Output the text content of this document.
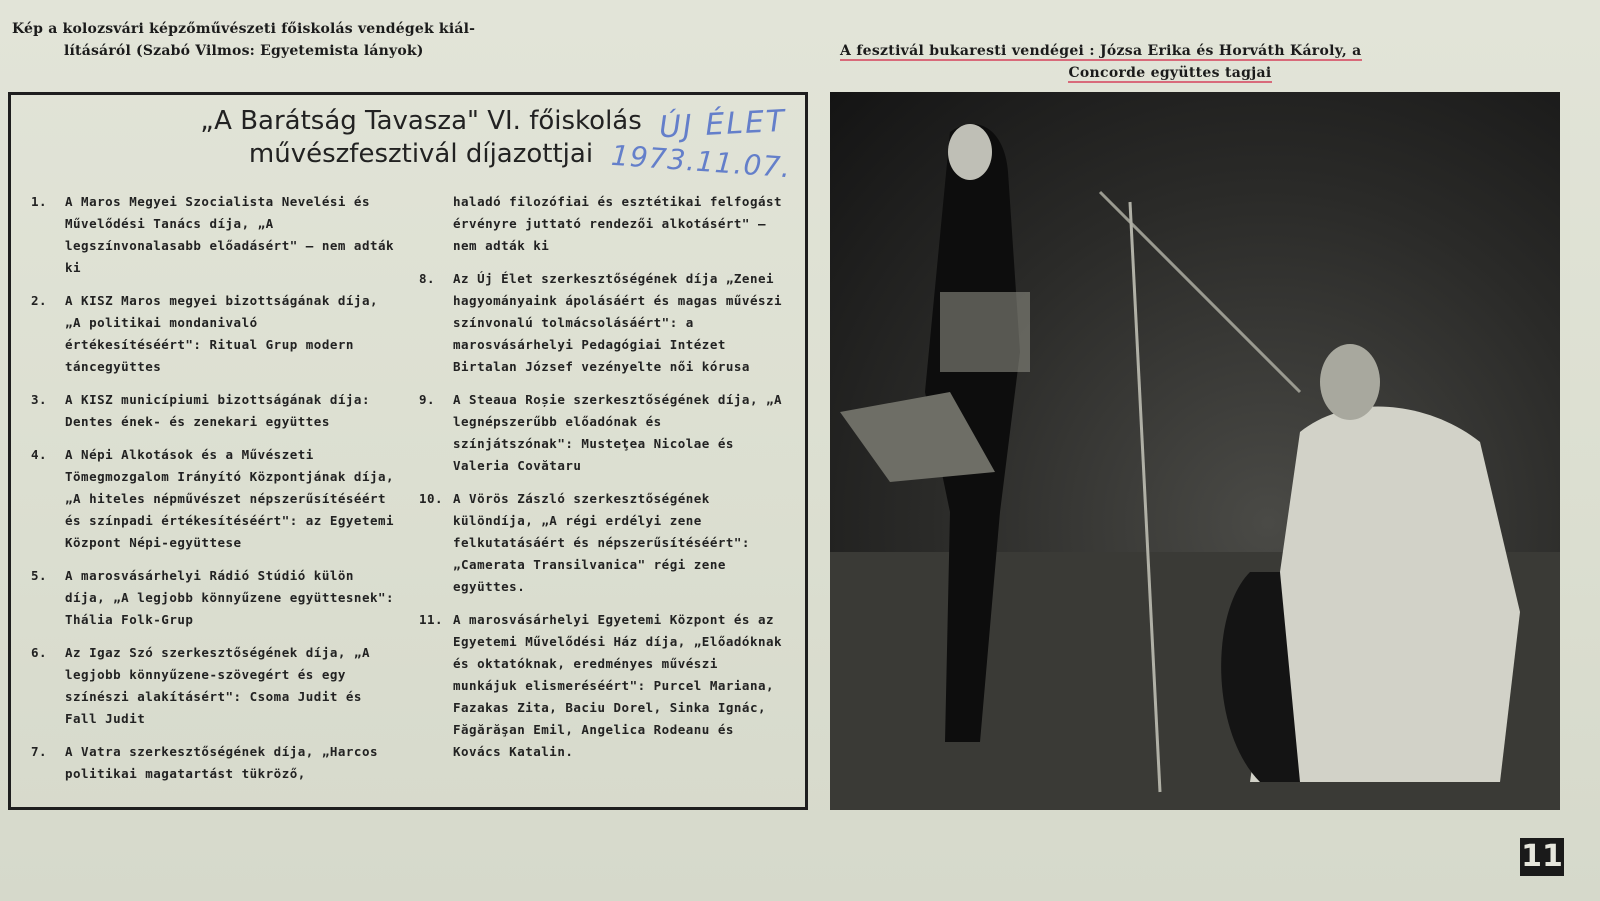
Kép a kolozsvári képzőművészeti főiskolás vendégek kiál-
lításáról (Szabó Vilmos: Egyetemista lányok)	A fesztivál bukaresti vendégei : Józsa Erika és Horváth Károly, a
Concorde együttes tagjai
„A Barátság Tavasza" VI. főiskolás
művészfesztivál díjazottjai
ÚJ ÉLET
1973.11.07.
1. A Maros Megyei Szocialista Nevelési és Művelődési Tanács díja, „A legszínvonalasabb előadásért" — nem adták ki
2. A KISZ Maros megyei bizottságának díja, „A politikai mondanivaló értékesítéséért": Ritual Grup modern táncegyüttes
3. A KISZ municípiumi bizottságának díja: Dentes ének- és zenekari együttes
4. A Népi Alkotások és a Művészeti Tömegmozgalom Irányító Központjának díja, „A hiteles népművészet népszerűsítéséért és színpadi értékesítéséért": az Egyetemi Központ Népi-együttese
5. A marosvásárhelyi Rádió Stúdió külön díja, „A legjobb könnyűzene együttesnek": Thália Folk-Grup
6. Az Igaz Szó szerkesztőségének díja, „A legjobb könnyűzene-szövegért és egy színészi alakításért": Csoma Judit és Fall Judit
7. A Vatra szerkesztőségének díja, „Harcos politikai magatartást tükröző,
haladó filozófiai és esztétikai felfogást érvényre juttató rendezői alkotásért" — nem adták ki
8. Az Új Élet szerkesztőségének díja „Zenei hagyományaink ápolásáért és magas művészi színvonalú tolmácsolásáért": a marosvásárhelyi Pedagógiai Intézet Birtalan József vezényelte női kórusa
9. A Steaua Roșie szerkesztőségének díja, „A legnépszerűbb előadónak és színjátszónak": Musteţea Nicolae és Valeria Covătaru
10. A Vörös Zászló szerkesztőségének különdíja, „A régi erdélyi zene felkutatásáért és népszerűsítéséért": „Camerata Transilvanica" régi zene együttes.
11. A marosvásárhelyi Egyetemi Központ és az Egyetemi Művelődési Ház díja, „Előadóknak és oktatóknak, eredményes művészi munkájuk elismeréséért": Purcel Mariana, Fazakas Zita, Baciu Dorel, Sinka Ignác, Făgărăşan Emil, Angelica Rodeanu és Kovács Katalin.
11
